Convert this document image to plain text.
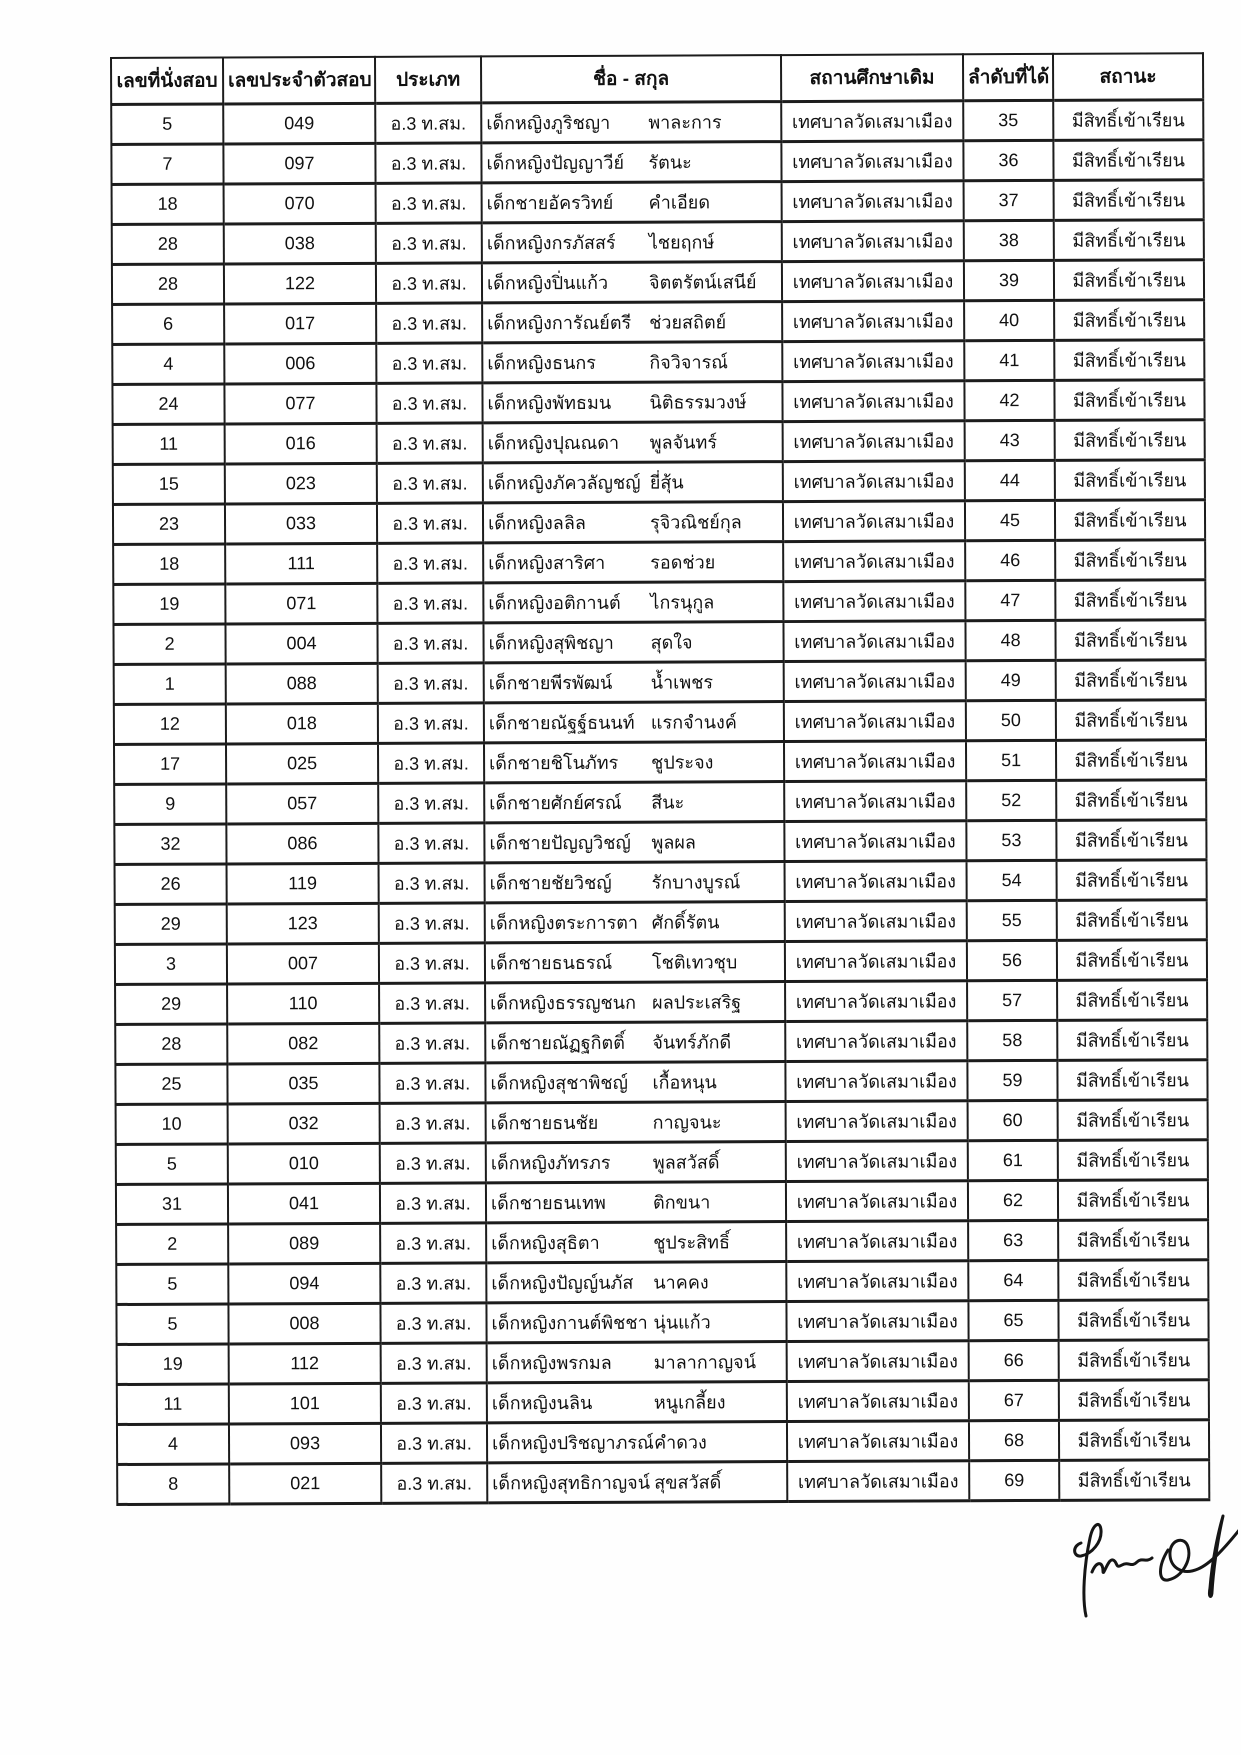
เลขที่นั่งสอบ	เลขประจำตัวสอบ	ประเภท	ชื่อ - สกุล	สถานศึกษาเดิม	ลำดับที่ได้	สถานะ
5	049	อ.3 ท.สม.	เด็กหญิงภูริชญา พาละการ	เทศบาลวัดเสมาเมือง	35	มีสิทธิ์เข้าเรียน
7	097	อ.3 ท.สม.	เด็กหญิงปัญญาวีย์ รัตนะ	เทศบาลวัดเสมาเมือง	36	มีสิทธิ์เข้าเรียน
18	070	อ.3 ท.สม.	เด็กชายอัครวิทย์ คำเอียด	เทศบาลวัดเสมาเมือง	37	มีสิทธิ์เข้าเรียน
28	038	อ.3 ท.สม.	เด็กหญิงกรภัสสร์ ไชยฤกษ์	เทศบาลวัดเสมาเมือง	38	มีสิทธิ์เข้าเรียน
28	122	อ.3 ท.สม.	เด็กหญิงปิ่นแก้ว จิตตรัตน์เสนีย์	เทศบาลวัดเสมาเมือง	39	มีสิทธิ์เข้าเรียน
6	017	อ.3 ท.สม.	เด็กหญิงการัณย์ตรี ช่วยสถิตย์	เทศบาลวัดเสมาเมือง	40	มีสิทธิ์เข้าเรียน
4	006	อ.3 ท.สม.	เด็กหญิงธนกร กิจวิจารณ์	เทศบาลวัดเสมาเมือง	41	มีสิทธิ์เข้าเรียน
24	077	อ.3 ท.สม.	เด็กหญิงพัทธมน นิติธรรมวงษ์	เทศบาลวัดเสมาเมือง	42	มีสิทธิ์เข้าเรียน
11	016	อ.3 ท.สม.	เด็กหญิงปุณณดา พูลจันทร์	เทศบาลวัดเสมาเมือง	43	มีสิทธิ์เข้าเรียน
15	023	อ.3 ท.สม.	เด็กหญิงภัควลัญชญ์ ยี่สุ้น	เทศบาลวัดเสมาเมือง	44	มีสิทธิ์เข้าเรียน
23	033	อ.3 ท.สม.	เด็กหญิงลลิล รุจิวณิชย์กุล	เทศบาลวัดเสมาเมือง	45	มีสิทธิ์เข้าเรียน
18	111	อ.3 ท.สม.	เด็กหญิงสาริศา รอดช่วย	เทศบาลวัดเสมาเมือง	46	มีสิทธิ์เข้าเรียน
19	071	อ.3 ท.สม.	เด็กหญิงอติกานต์ ไกรนุกูล	เทศบาลวัดเสมาเมือง	47	มีสิทธิ์เข้าเรียน
2	004	อ.3 ท.สม.	เด็กหญิงสุพิชญา สุดใจ	เทศบาลวัดเสมาเมือง	48	มีสิทธิ์เข้าเรียน
1	088	อ.3 ท.สม.	เด็กชายพีรพัฒน์ น้ำเพชร	เทศบาลวัดเสมาเมือง	49	มีสิทธิ์เข้าเรียน
12	018	อ.3 ท.สม.	เด็กชายณัฐฐ์ธนนท์ แรกจำนงค์	เทศบาลวัดเสมาเมือง	50	มีสิทธิ์เข้าเรียน
17	025	อ.3 ท.สม.	เด็กชายชิโนภัทร ชูประจง	เทศบาลวัดเสมาเมือง	51	มีสิทธิ์เข้าเรียน
9	057	อ.3 ท.สม.	เด็กชายศักย์ศรณ์ สีนะ	เทศบาลวัดเสมาเมือง	52	มีสิทธิ์เข้าเรียน
32	086	อ.3 ท.สม.	เด็กชายปัญญวิชญ์ พูลผล	เทศบาลวัดเสมาเมือง	53	มีสิทธิ์เข้าเรียน
26	119	อ.3 ท.สม.	เด็กชายชัยวิชญ์ รักบางบูรณ์	เทศบาลวัดเสมาเมือง	54	มีสิทธิ์เข้าเรียน
29	123	อ.3 ท.สม.	เด็กหญิงตระการตา ศักดิ์รัตน	เทศบาลวัดเสมาเมือง	55	มีสิทธิ์เข้าเรียน
3	007	อ.3 ท.สม.	เด็กชายธนธรณ์ โชติเทวชุบ	เทศบาลวัดเสมาเมือง	56	มีสิทธิ์เข้าเรียน
29	110	อ.3 ท.สม.	เด็กหญิงธรรญชนก ผลประเสริฐ	เทศบาลวัดเสมาเมือง	57	มีสิทธิ์เข้าเรียน
28	082	อ.3 ท.สม.	เด็กชายณัฏฐกิตติ์ จันทร์ภักดี	เทศบาลวัดเสมาเมือง	58	มีสิทธิ์เข้าเรียน
25	035	อ.3 ท.สม.	เด็กหญิงสุชาพิชญ์ เกื้อหนุน	เทศบาลวัดเสมาเมือง	59	มีสิทธิ์เข้าเรียน
10	032	อ.3 ท.สม.	เด็กชายธนชัย กาญจนะ	เทศบาลวัดเสมาเมือง	60	มีสิทธิ์เข้าเรียน
5	010	อ.3 ท.สม.	เด็กหญิงภัทรภร พูลสวัสดิ์	เทศบาลวัดเสมาเมือง	61	มีสิทธิ์เข้าเรียน
31	041	อ.3 ท.สม.	เด็กชายธนเทพ ติกขนา	เทศบาลวัดเสมาเมือง	62	มีสิทธิ์เข้าเรียน
2	089	อ.3 ท.สม.	เด็กหญิงสุธิตา ชูประสิทธิ์	เทศบาลวัดเสมาเมือง	63	มีสิทธิ์เข้าเรียน
5	094	อ.3 ท.สม.	เด็กหญิงปัญญ์นภัส นาคคง	เทศบาลวัดเสมาเมือง	64	มีสิทธิ์เข้าเรียน
5	008	อ.3 ท.สม.	เด็กหญิงกานต์พิชชา นุ่นแก้ว	เทศบาลวัดเสมาเมือง	65	มีสิทธิ์เข้าเรียน
19	112	อ.3 ท.สม.	เด็กหญิงพรกมล มาลากาญจน์	เทศบาลวัดเสมาเมือง	66	มีสิทธิ์เข้าเรียน
11	101	อ.3 ท.สม.	เด็กหญิงนลิน หนูเกลี้ยง	เทศบาลวัดเสมาเมือง	67	มีสิทธิ์เข้าเรียน
4	093	อ.3 ท.สม.	เด็กหญิงปริชญาภรณ์คำดวง	เทศบาลวัดเสมาเมือง	68	มีสิทธิ์เข้าเรียน
8	021	อ.3 ท.สม.	เด็กหญิงสุทธิกาญจน์ สุขสวัสดิ์	เทศบาลวัดเสมาเมือง	69	มีสิทธิ์เข้าเรียน
